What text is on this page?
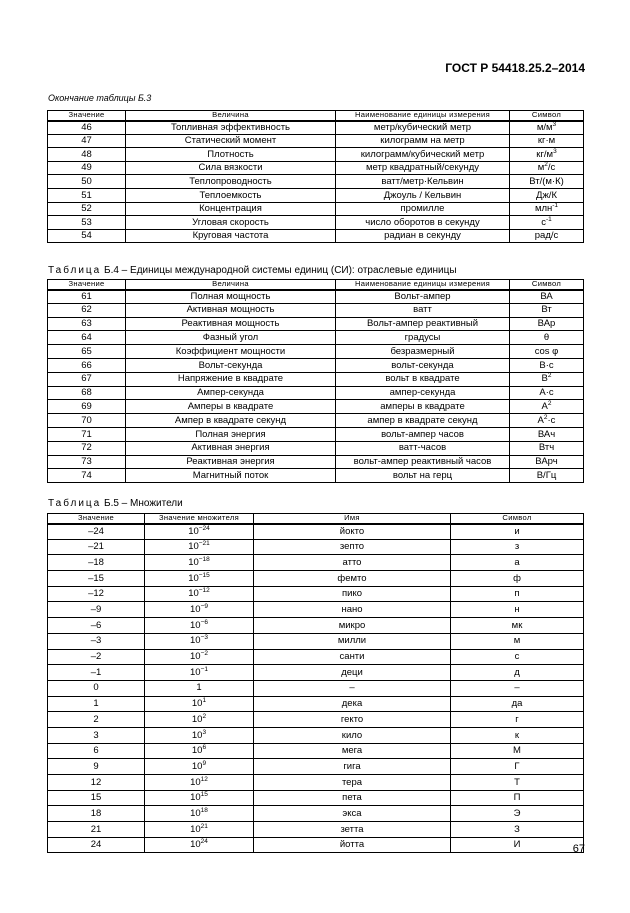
ГОСТ Р 54418.25.2–2014
Окончание таблицы Б.3
Значение	Величина	Наименование единицы измерения	Символ
46	Топливная эффективность	метр/кубический метр	$м/м^3$
47	Статический момент	килограмм на метр	кг·м
48	Плотность	килограмм/кубический метр	$кг/м^3$
49	Сила вязкости	метр квадратный/секунду	$м^2/с$
50	Теплопроводность	ватт/метр·Кельвин	Вт/(м·К)
51	Теплоемкость	Джоуль / Кельвин	Дж/К
52	Концентрация	промилле	млн$^{-1}$
53	Угловая скорость	число оборотов в секунду	$с^{-1}$
54	Круговая частота	радиан в секунду	рад/с
Таблица Б.4 – Единицы международной системы единиц (СИ): отраслевые единицы
Значение	Величина	Наименование единицы измерения	Символ
61	Полная мощность	Вольт-ампер	ВА
62	Активная мощность	ватт	Вт
63	Реактивная мощность	Вольт-ампер реактивный	ВАр
64	Фазный угол	градусы	θ
65	Коэффициент мощности	безразмерный	cos φ
66	Вольт-секунда	вольт-секунда	В·с
67	Напряжение в квадрате	вольт в квадрате	$В^2$
68	Ампер-секунда	ампер-секунда	А·с
69	Амперы в квадрате	амперы в квадрате	$А^2$
70	Ампер в квадрате секунд	ампер в квадрате секунд	$А^2\cdot с$
71	Полная энергия	вольт-ампер часов	ВАч
72	Активная энергия	ватт-часов	Втч
73	Реактивная энергия	вольт-ампер реактивный часов	ВАрч
74	Магнитный поток	вольт на герц	В/Гц
Таблица Б.5 – Множители
Значение	Значение множителя	Имя	Символ
–24	$10^{-24}$	йокто	и
–21	$10^{-21}$	зепто	з
–18	$10^{-18}$	атто	а
–15	$10^{-15}$	фемто	ф
–12	$10^{-12}$	пико	п
–9	$10^{-9}$	нано	н
–6	$10^{-6}$	микро	мк
–3	$10^{-3}$	милли	м
–2	$10^{-2}$	санти	с
–1	$10^{-1}$	деци	д
0	1	–	–
1	$10^1$	дека	да
2	$10^2$	гекто	г
3	$10^3$	кило	к
6	$10^6$	мега	М
9	$10^9$	гига	Г
12	$10^{12}$	тера	Т
15	$10^{15}$	пета	П
18	$10^{18}$	экса	Э
21	$10^{21}$	зетта	З
24	$10^{24}$	йотта	И	67
